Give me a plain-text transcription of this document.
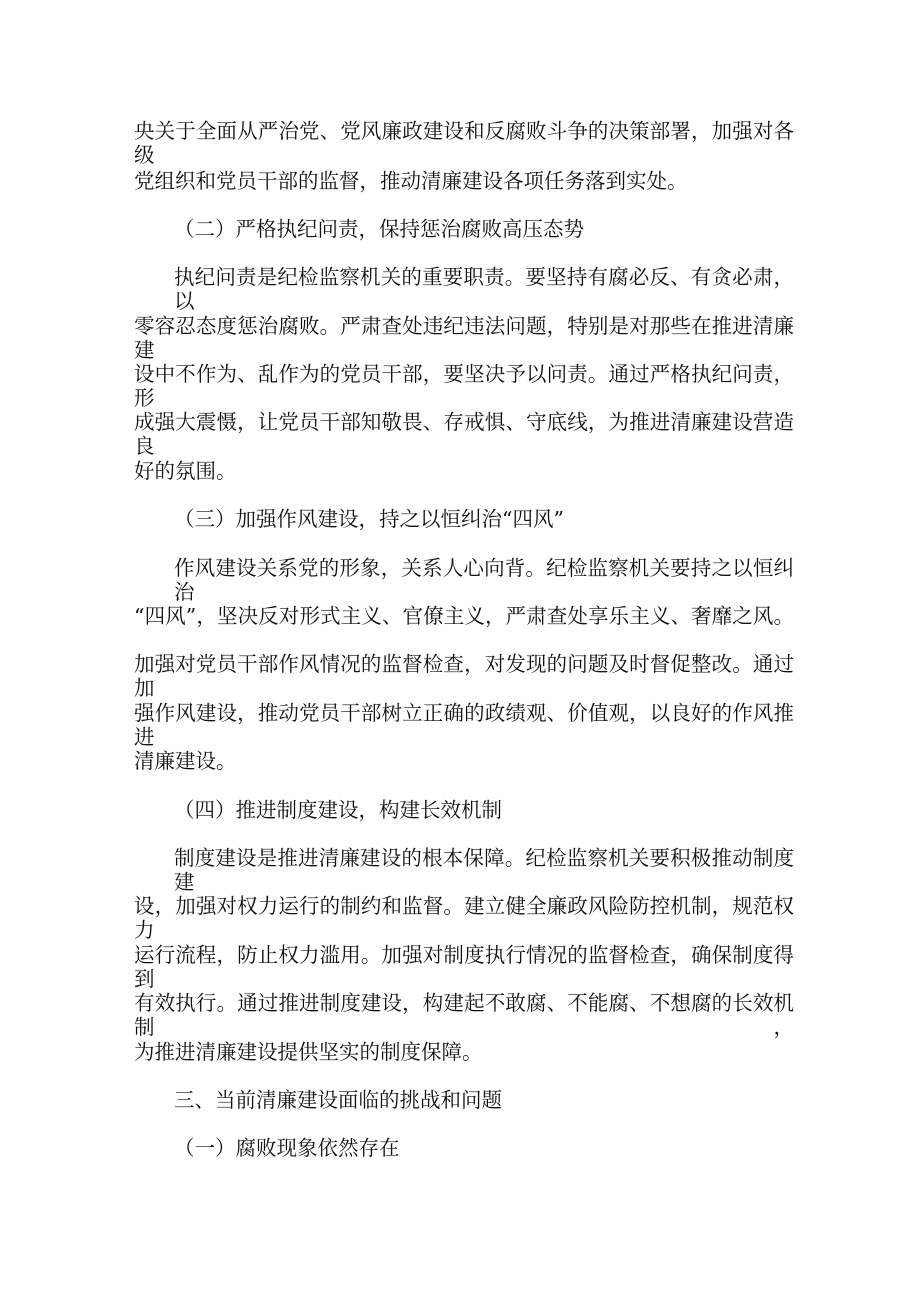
央关于全面从严治党、党风廉政建设和反腐败斗争的决策部署，加强对各级
党组织和党员干部的监督，推动清廉建设各项任务落到实处。
（二）严格执纪问责，保持惩治腐败高压态势
执纪问责是纪检监察机关的重要职责。要坚持有腐必反、有贪必肃，以
零容忍态度惩治腐败。严肃查处违纪违法问题，特别是对那些在推进清廉建
设中不作为、乱作为的党员干部，要坚决予以问责。通过严格执纪问责，形
成强大震慑，让党员干部知敬畏、存戒惧、守底线，为推进清廉建设营造良
好的氛围。
（三）加强作风建设，持之以恒纠治“四风”
作风建设关系党的形象，关系人心向背。纪检监察机关要持之以恒纠治
“四风”，坚决反对形式主义、官僚主义，严肃查处享乐主义、奢靡之风。
加强对党员干部作风情况的监督检查，对发现的问题及时督促整改。通过加
强作风建设，推动党员干部树立正确的政绩观、价值观，以良好的作风推进
清廉建设。
（四）推进制度建设，构建长效机制
制度建设是推进清廉建设的根本保障。纪检监察机关要积极推动制度建
设，加强对权力运行的制约和监督。建立健全廉政风险防控机制，规范权力
运行流程，防止权力滥用。加强对制度执行情况的监督检查，确保制度得到
有效执行。通过推进制度建设，构建起不敢腐、不能腐、不想腐的长效机制，
为推进清廉建设提供坚实的制度保障。
三、当前清廉建设面临的挑战和问题
（一）腐败现象依然存在
